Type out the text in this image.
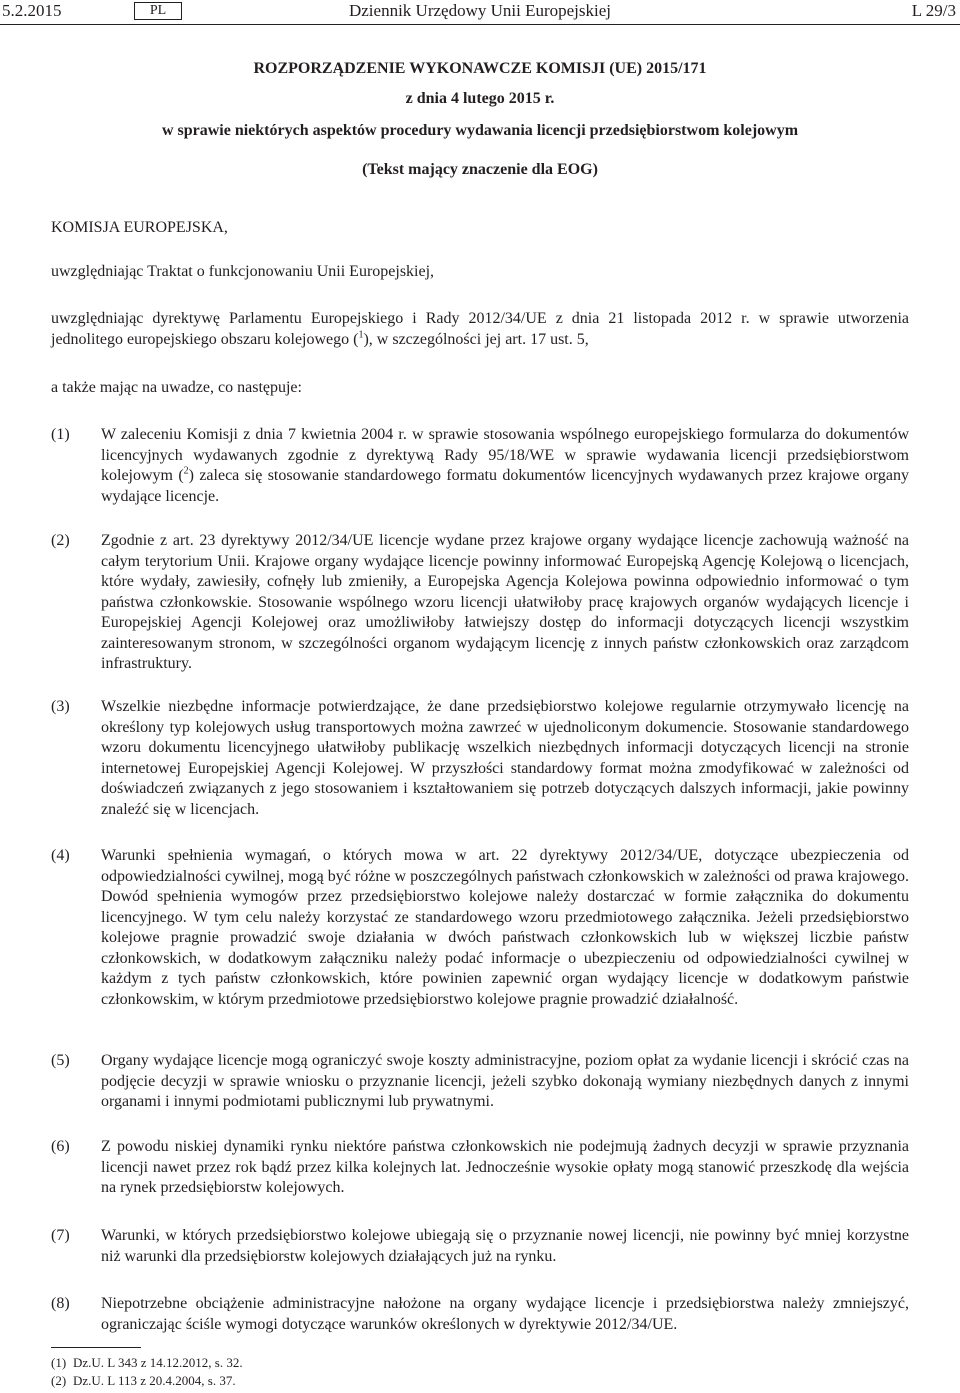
5.2.2015	PL	Dziennik Urzędowy Unii Europejskiej	L 29/3
ROZPORZĄDZENIE WYKONAWCZE KOMISJI (UE) 2015/171
z dnia 4 lutego 2015 r.
w sprawie niektórych aspektów procedury wydawania licencji przedsiębiorstwom kolejowym
(Tekst mający znaczenie dla EOG)
KOMISJA EUROPEJSKA,
uwzględniając Traktat o funkcjonowaniu Unii Europejskiej,
uwzględniając dyrektywę Parlamentu Europejskiego i Rady 2012/34/UE z dnia 21 listopada 2012 r. w sprawie utworzenia jednolitego europejskiego obszaru kolejowego ($^1$), w szczególności jej art. 17 ust. 5,
a także mając na uwadze, co następuje:
(1) W zaleceniu Komisji z dnia 7 kwietnia 2004 r. w sprawie stosowania wspólnego europejskiego formularza do dokumentów licencyjnych wydawanych zgodnie z dyrektywą Rady 95/18/WE w sprawie wydawania licencji przedsiębiorstwom kolejowym ($^2$) zaleca się stosowanie standardowego formatu dokumentów licencyjnych wydawanych przez krajowe organy wydające licencje.
(2) Zgodnie z art. 23 dyrektywy 2012/34/UE licencje wydane przez krajowe organy wydające licencje zachowują ważność na całym terytorium Unii. Krajowe organy wydające licencje powinny informować Europejską Agencję Kolejową o licencjach, które wydały, zawiesiły, cofnęły lub zmieniły, a Europejska Agencja Kolejowa powinna odpowiednio informować o tym państwa członkowskie. Stosowanie wspólnego wzoru licencji ułatwiłoby pracę krajowych organów wydających licencje i Europejskiej Agencji Kolejowej oraz umożliwiłoby łatwiejszy dostęp do informacji dotyczących licencji wszystkim zainteresowanym stronom, w szczególności organom wydającym licencję z innych państw członkowskich oraz zarządcom infrastruktury.
(3) Wszelkie niezbędne informacje potwierdzające, że dane przedsiębiorstwo kolejowe regularnie otrzymywało licencję na określony typ kolejowych usług transportowych można zawrzeć w ujednoliconym dokumencie. Stosowanie standardowego wzoru dokumentu licencyjnego ułatwiłoby publikację wszelkich niezbędnych informacji dotyczących licencji na stronie internetowej Europejskiej Agencji Kolejowej. W przyszłości standardowy format można zmodyfikować w zależności od doświadczeń związanych z jego stosowaniem i kształtowaniem się potrzeb dotyczących dalszych informacji, jakie powinny znaleźć się w licencjach.
(4) Warunki spełnienia wymagań, o których mowa w art. 22 dyrektywy 2012/34/UE, dotyczące ubezpieczenia od odpowiedzialności cywilnej, mogą być różne w poszczególnych państwach członkowskich w zależności od prawa krajowego. Dowód spełnienia wymogów przez przedsiębiorstwo kolejowe należy dostarczać w formie załącznika do dokumentu licencyjnego. W tym celu należy korzystać ze standardowego wzoru przedmiotowego załącznika. Jeżeli przedsiębiorstwo kolejowe pragnie prowadzić swoje działania w dwóch państwach członkowskich lub w większej liczbie państw członkowskich, w dodatkowym załączniku należy podać informacje o ubezpieczeniu od odpowiedzialności cywilnej w każdym z tych państw członkowskich, które powinien zapewnić organ wydający licencje w dodatkowym państwie członkowskim, w którym przedmiotowe przedsiębiorstwo kolejowe pragnie prowadzić działalność.
(5) Organy wydające licencje mogą ograniczyć swoje koszty administracyjne, poziom opłat za wydanie licencji i skrócić czas na podjęcie decyzji w sprawie wniosku o przyznanie licencji, jeżeli szybko dokonają wymiany niezbędnych danych z innymi organami i innymi podmiotami publicznymi lub prywatnymi.
(6) Z powodu niskiej dynamiki rynku niektóre państwa członkowskich nie podejmują żadnych decyzji w sprawie przyznania licencji nawet przez rok bądź przez kilka kolejnych lat. Jednocześnie wysokie opłaty mogą stanowić przeszkodę dla wejścia na rynek przedsiębiorstw kolejowych.
(7) Warunki, w których przedsiębiorstwo kolejowe ubiegają się o przyznanie nowej licencji, nie powinny być mniej korzystne niż warunki dla przedsiębiorstw kolejowych działających już na rynku.
(8) Niepotrzebne obciążenie administracyjne nałożone na organy wydające licencje i przedsiębiorstwa należy zmniejszyć, ograniczając ściśle wymogi dotyczące warunków określonych w dyrektywie 2012/34/UE.
(1) Dz.U. L 343 z 14.12.2012, s. 32.
(2) Dz.U. L 113 z 20.4.2004, s. 37.
